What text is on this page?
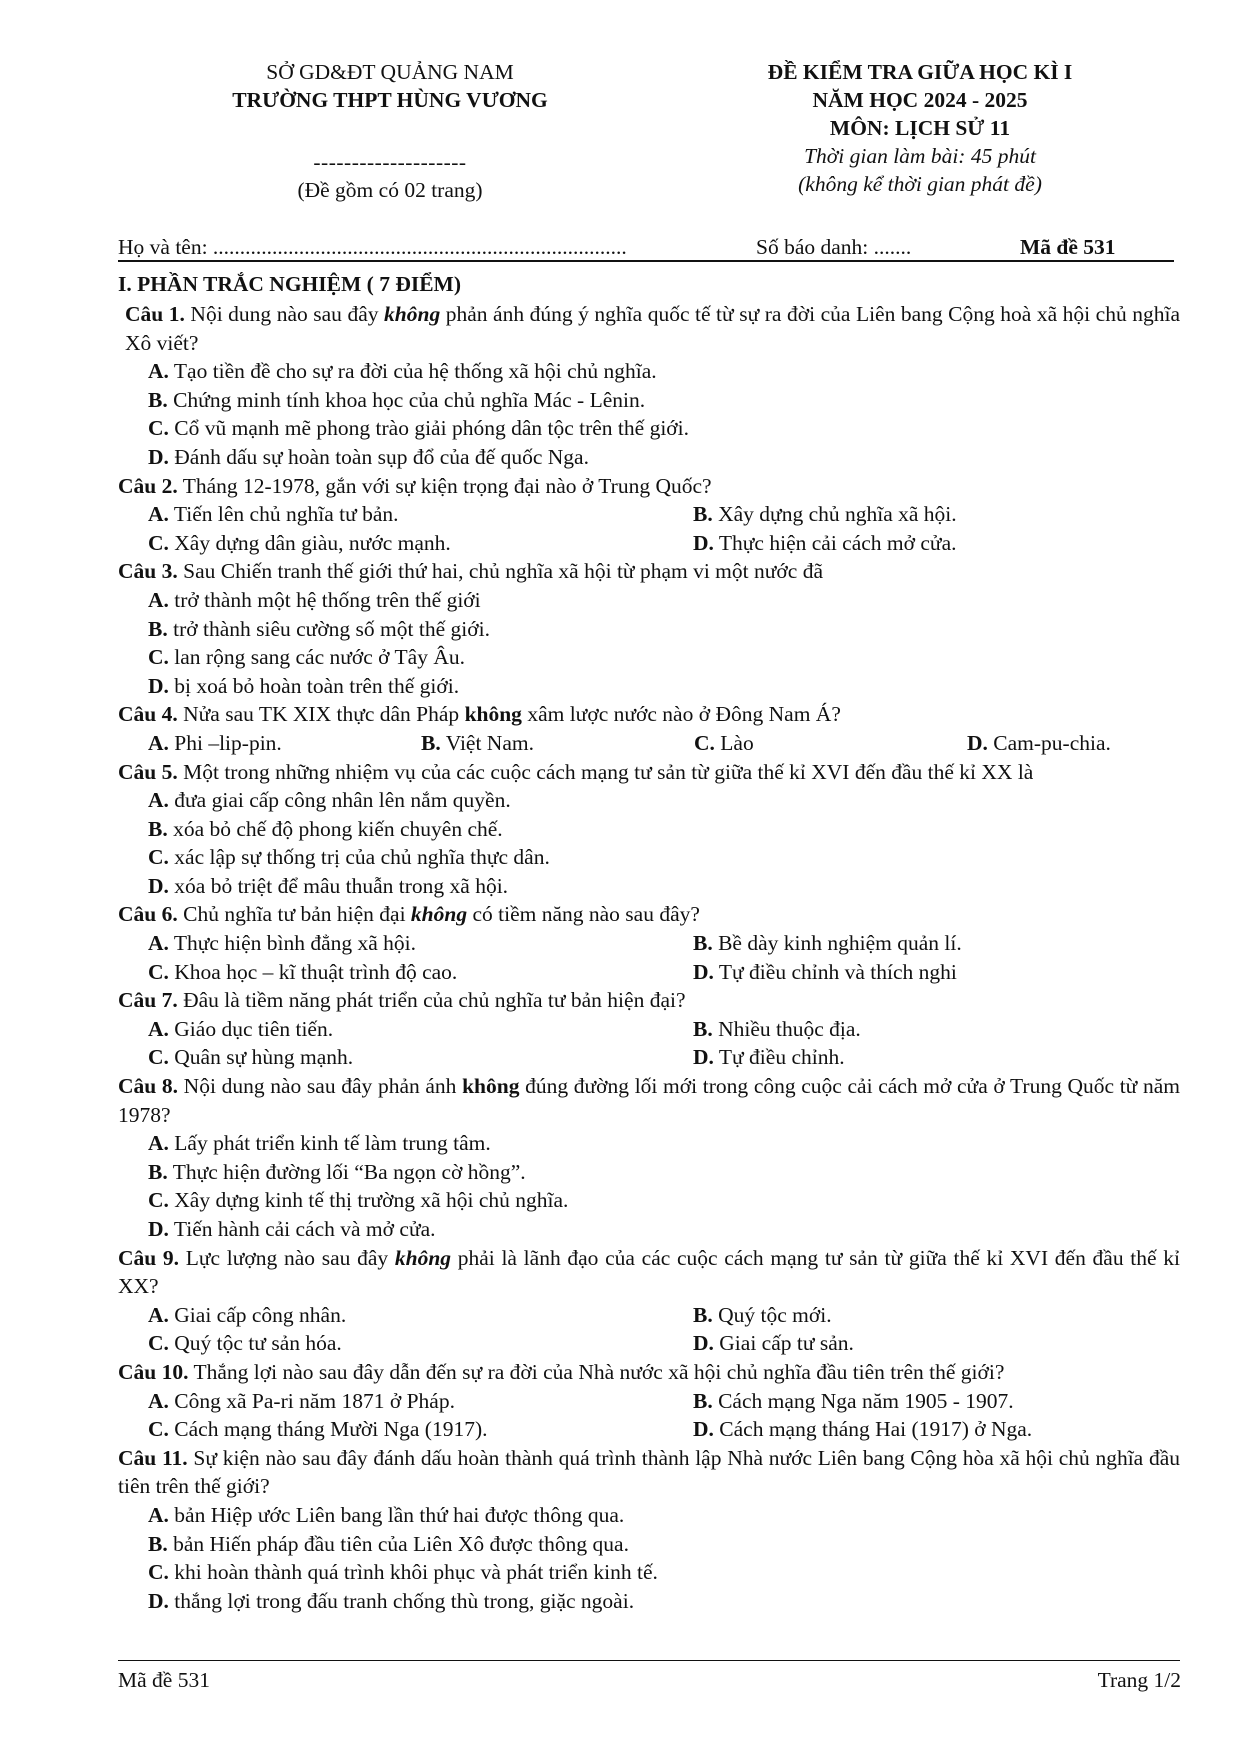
SỞ GD&ĐT QUẢNG NAM
TRƯỜNG THPT HÙNG VƯƠNG
--------------------
(Đề gồm có 02 trang)
ĐỀ KIỂM TRA GIỮA HỌC KÌ I
NĂM HỌC 2024 - 2025
MÔN: LỊCH SỬ 11
Thời gian làm bài: 45 phút
(không kể thời gian phát đề)
Họ và tên: .............................................................................	Số báo danh: .......	Mã đề 531
I. PHẦN TRẮC NGHIỆM ( 7 ĐIỂM)
Câu 1. Nội dung nào sau đây không phản ánh đúng ý nghĩa quốc tế từ sự ra đời của Liên bang Cộng hoà xã hội chủ nghĩa Xô viết?
A. Tạo tiền đề cho sự ra đời của hệ thống xã hội chủ nghĩa.
B. Chứng minh tính khoa học của chủ nghĩa Mác - Lênin.
C. Cổ vũ mạnh mẽ phong trào giải phóng dân tộc trên thế giới.
D. Đánh dấu sự hoàn toàn sụp đổ của đế quốc Nga.
Câu 2. Tháng 12-1978, gắn với sự kiện trọng đại nào ở Trung Quốc?
A. Tiến lên chủ nghĩa tư bản.	B. Xây dựng chủ nghĩa xã hội.
C. Xây dựng dân giàu, nước mạnh.	D. Thực hiện cải cách mở cửa.
Câu 3. Sau Chiến tranh thế giới thứ hai, chủ nghĩa xã hội từ phạm vi một nước đã
A. trở thành một hệ thống trên thế giới
B. trở thành siêu cường số một thế giới.
C. lan rộng sang các nước ở Tây Âu.
D. bị xoá bỏ hoàn toàn trên thế giới.
Câu 4. Nửa sau TK XIX thực dân Pháp không xâm lược nước nào ở Đông Nam Á?
A. Phi –lip-pin.	B. Việt Nam.	C. Lào	D. Cam-pu-chia.
Câu 5. Một trong những nhiệm vụ của các cuộc cách mạng tư sản từ giữa thế kỉ XVI đến đầu thế kỉ XX là
A. đưa giai cấp công nhân lên nắm quyền.
B. xóa bỏ chế độ phong kiến chuyên chế.
C. xác lập sự thống trị của chủ nghĩa thực dân.
D. xóa bỏ triệt để mâu thuẫn trong xã hội.
Câu 6. Chủ nghĩa tư bản hiện đại không có tiềm năng nào sau đây?
A. Thực hiện bình đẳng xã hội.	B. Bề dày kinh nghiệm quản lí.
C. Khoa học – kĩ thuật trình độ cao.	D. Tự điều chỉnh và thích nghi
Câu 7. Đâu là tiềm năng phát triển của chủ nghĩa tư bản hiện đại?
A. Giáo dục tiên tiến.	B. Nhiều thuộc địa.
C. Quân sự hùng mạnh.	D. Tự điều chỉnh.
Câu 8. Nội dung nào sau đây phản ánh không đúng đường lối mới trong công cuộc cải cách mở cửa ở Trung Quốc từ năm 1978?
A. Lấy phát triển kinh tế làm trung tâm.
B. Thực hiện đường lối “Ba ngọn cờ hồng”.
C. Xây dựng kinh tế thị trường xã hội chủ nghĩa.
D. Tiến hành cải cách và mở cửa.
Câu 9. Lực lượng nào sau đây không phải là lãnh đạo của các cuộc cách mạng tư sản từ giữa thế kỉ XVI đến đầu thế kỉ XX?
A. Giai cấp công nhân.	B. Quý tộc mới.
C. Quý tộc tư sản hóa.	D. Giai cấp tư sản.
Câu 10. Thắng lợi nào sau đây dẫn đến sự ra đời của Nhà nước xã hội chủ nghĩa đầu tiên trên thế giới?
A. Công xã Pa-ri năm 1871 ở Pháp.	B. Cách mạng Nga năm 1905 - 1907.
C. Cách mạng tháng Mười Nga (1917).	D. Cách mạng tháng Hai (1917) ở Nga.
Câu 11. Sự kiện nào sau đây đánh dấu hoàn thành quá trình thành lập Nhà nước Liên bang Cộng hòa xã hội chủ nghĩa đầu tiên trên thế giới?
A. bản Hiệp ước Liên bang lần thứ hai được thông qua.
B. bản Hiến pháp đầu tiên của Liên Xô được thông qua.
C. khi hoàn thành quá trình khôi phục và phát triển kinh tế.
D. thắng lợi trong đấu tranh chống thù trong, giặc ngoài.
Mã đề 531	Trang 1/2
